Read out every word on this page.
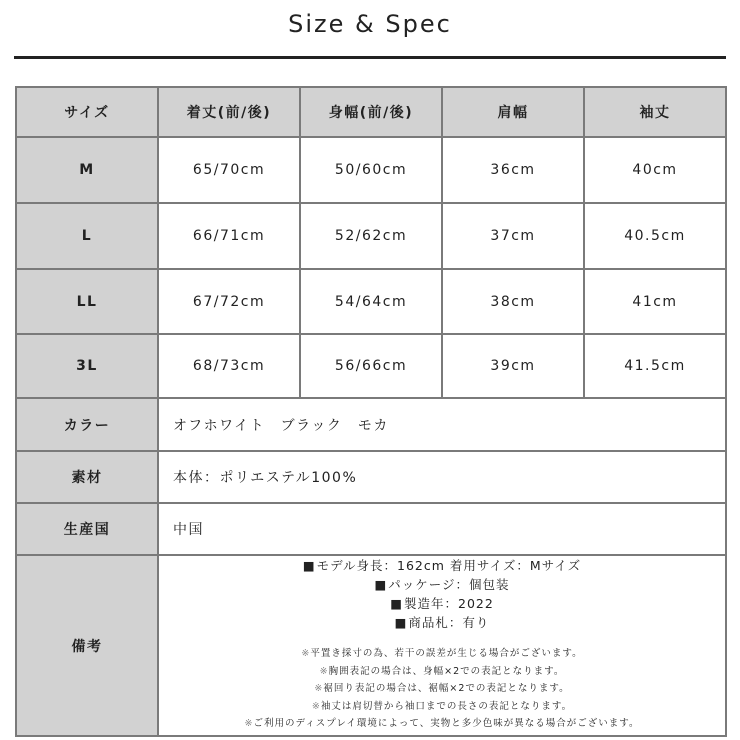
Size & Spec
サイズ	着丈(前/後)	身幅(前/後)	肩幅	袖丈
M	65/70cm	50/60cm	36cm	40cm
L	66/71cm	52/62cm	37cm	40.5cm
LL	67/72cm	54/64cm	38cm	41cm
3L	68/73cm	56/66cm	39cm	41.5cm
カラー	オフホワイト　ブラック　モカ			
素材	本体：ポリエステル100%			
生産国	中国			
備考	
■ モデル身長：162cm 着用サイズ：Mサイズ
■ パッケージ：個包装
■ 製造年：2022
■ 商品札：有り
※ 平置き採寸の為、若干の誤差が生じる場合がございます。
※ 胸囲表記の場合は、身幅×2での表記となります。
※ 裾回り表記の場合は、裾幅×2での表記となります。
※ 袖丈は肩切替から袖口までの長さの表記となります。
※ ご利用のディスプレイ環境によって、実物と多少色味が異なる場合がございます。
